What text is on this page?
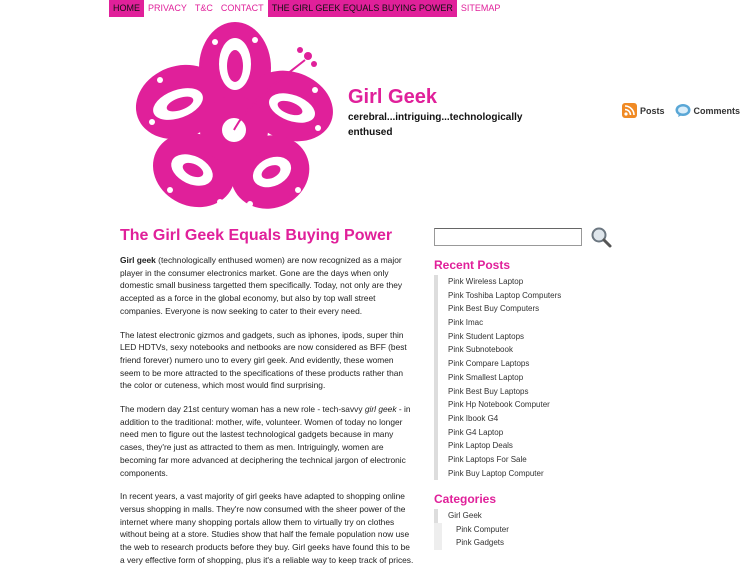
HOME PRIVACY T&C CONTACT THE GIRL GEEK EQUALS BUYING POWER SITEMAP
Girl Geek
cerebral...intriguing...technologically enthused
Posts	Comments
The Girl Geek Equals Buying Power

Girl geek (technologically enthused women) are now recognized as a major player in the consumer electronics market. Gone are the days when only domestic small business targetted them specifically. Today, not only are they accepted as a force in the global economy, but also by top wall street companies. Everyone is now seeking to cater to their every need.

The latest electronic gizmos and gadgets, such as iphones, ipods, super thin LED HDTVs, sexy notebooks and netbooks are now considered as BFF (best friend forever) numero uno to every girl geek. And evidently, these women seem to be more attracted to the specifications of these products rather than the color or cuteness, which most would find surprising.

The modern day 21st century woman has a new role - tech-savvy girl geek - in addition to the traditional: mother, wife, volunteer. Women of today no longer need men to figure out the lastest technological gadgets because in many cases, they're just as attracted to them as men. Intriguingly, women are becoming far more advanced at deciphering the technical jargon of electronic components.

In recent years, a vast majority of girl geeks have adapted to shopping online versus shopping in malls. They're now consumed with the sheer power of the internet where many shopping portals allow them to virtually try on clothes without being at a store. Studies show that half the female population now use the web to research products before they buy. Girl geeks have found this to be a very effective form of shopping, plus it's a reliable way to keep track of prices.

Recent Posts
Pink Wireless Laptop
Pink Toshiba Laptop Computers
Pink Best Buy Computers
Pink Imac
Pink Student Laptops
Pink Subnotebook
Pink Compare Laptops
Pink Smallest Laptop
Pink Best Buy Laptops
Pink Hp Notebook Computer
Pink Ibook G4
Pink G4 Laptop
Pink Laptop Deals
Pink Laptops For Sale
Pink Buy Laptop Computer
Categories
Girl Geek
Pink Computer
Pink Gadgets
